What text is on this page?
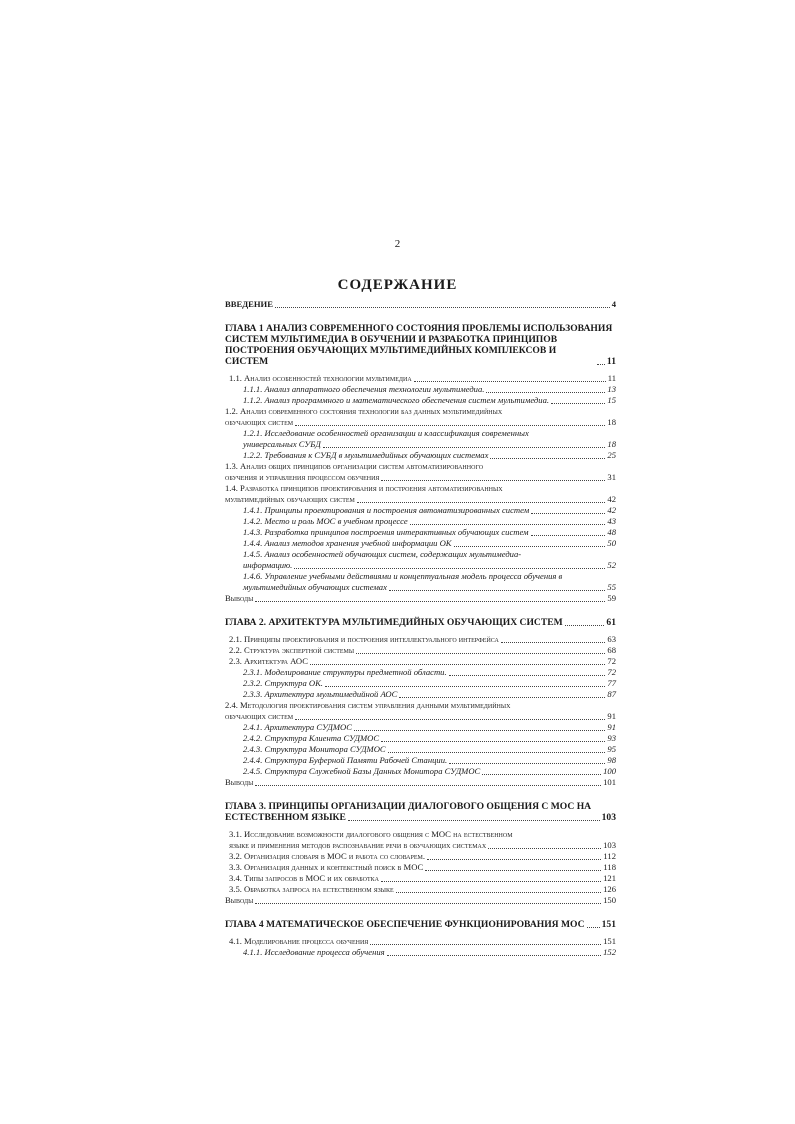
2
СОДЕРЖАНИЕ
ВВЕДЕНИЕ	4
ГЛАВА 1 АНАЛИЗ СОВРЕМЕННОГО СОСТОЯНИЯ ПРОБЛЕМЫ ИСПОЛЬЗОВАНИЯ
СИСТЕМ МУЛЬТИМЕДИА В ОБУЧЕНИИ И РАЗРАБОТКА ПРИНЦИПОВ
ПОСТРОЕНИЯ ОБУЧАЮЩИХ МУЛЬТИМЕДИЙНЫХ КОМПЛЕКСОВ И СИСТЕМ	11
1.1. Анализ особенностей технологии мультимедиа	11
1.1.1. Анализ аппаратного обеспечения технологии мультимедиа.	13
1.1.2. Анализ программного и математического обеспечения систем мультимедиа.	15
1.2. Анализ современного состояния технологии баз данных мультимедийных
обучающих систем	18
1.2.1. Исследование особенностей организации и классификация современных
универсальных СУБД	18
1.2.2. Требования к СУБД в мультимедийных обучающих системах	25
1.3. Анализ общих принципов организации систем автоматизированного
обучения и управления процессом обучения	31
1.4. Разработка принципов проектирования и построения автоматизированных
мультимедийных обучающих систем	42
1.4.1. Принципы проектирования и построения автоматизированных систем	42
1.4.2. Место и роль МОС в учебном процессе	43
1.4.3. Разработка принципов построения интерактивных обучающих систем	48
1.4.4. Анализ методов хранения учебной информации ОК	50
1.4.5. Анализ особенностей обучающих систем, содержащих мультимедиа-
информацию.	52
1.4.6. Управление учебными действиями и концептуальная модель процесса обучения в
мультимедийных обучающих системах	55
Выводы	59
ГЛАВА 2. АРХИТЕКТУРА МУЛЬТИМЕДИЙНЫХ ОБУЧАЮЩИХ СИСТЕМ	61
2.1. Принципы проектирования и построения интеллектуального интерфейса	63
2.2. Структура экспертной системы	68
2.3. Архитектура АОС	72
2.3.1. Моделирование структуры предметной области.	72
2.3.2. Структура ОК.	77
2.3.3. Архитектура мультимедийной АОС	87
2.4. Методология проектирования систем управления данными мультимедийных
обучающих систем	91
2.4.1. Архитектура СУДМОС	91
2.4.2. Структура Клиента СУДМОС	93
2.4.3. Структура Монитора СУДМОС	95
2.4.4. Структура Буферной Памяти Рабочей Станции.	98
2.4.5. Структура Служебной Базы Данных Монитора СУДМОС	100
Выводы	101
ГЛАВА 3. ПРИНЦИПЫ ОРГАНИЗАЦИИ ДИАЛОГОВОГО ОБЩЕНИЯ С МОС НА
ЕСТЕСТВЕННОМ ЯЗЫКЕ	103
3.1. Исследование возможности диалогового общения с МОС на естественном
языке и применения методов распознавание речи в обучающих системах	103
3.2. Организация словаря в МОС и работа со словарем.	112
3.3. Организация данных и контекстный поиск в МОС	118
3.4. Типы запросов в МОС и их обработка	121
3.5. Обработка запроса на естественном языке	126
Выводы	150
ГЛАВА 4 МАТЕМАТИЧЕСКОЕ ОБЕСПЕЧЕНИЕ ФУНКЦИОНИРОВАНИЯ МОС 151
4.1. Моделирование процесса обучения	151
4.1.1. Исследование процесса обучения	152
